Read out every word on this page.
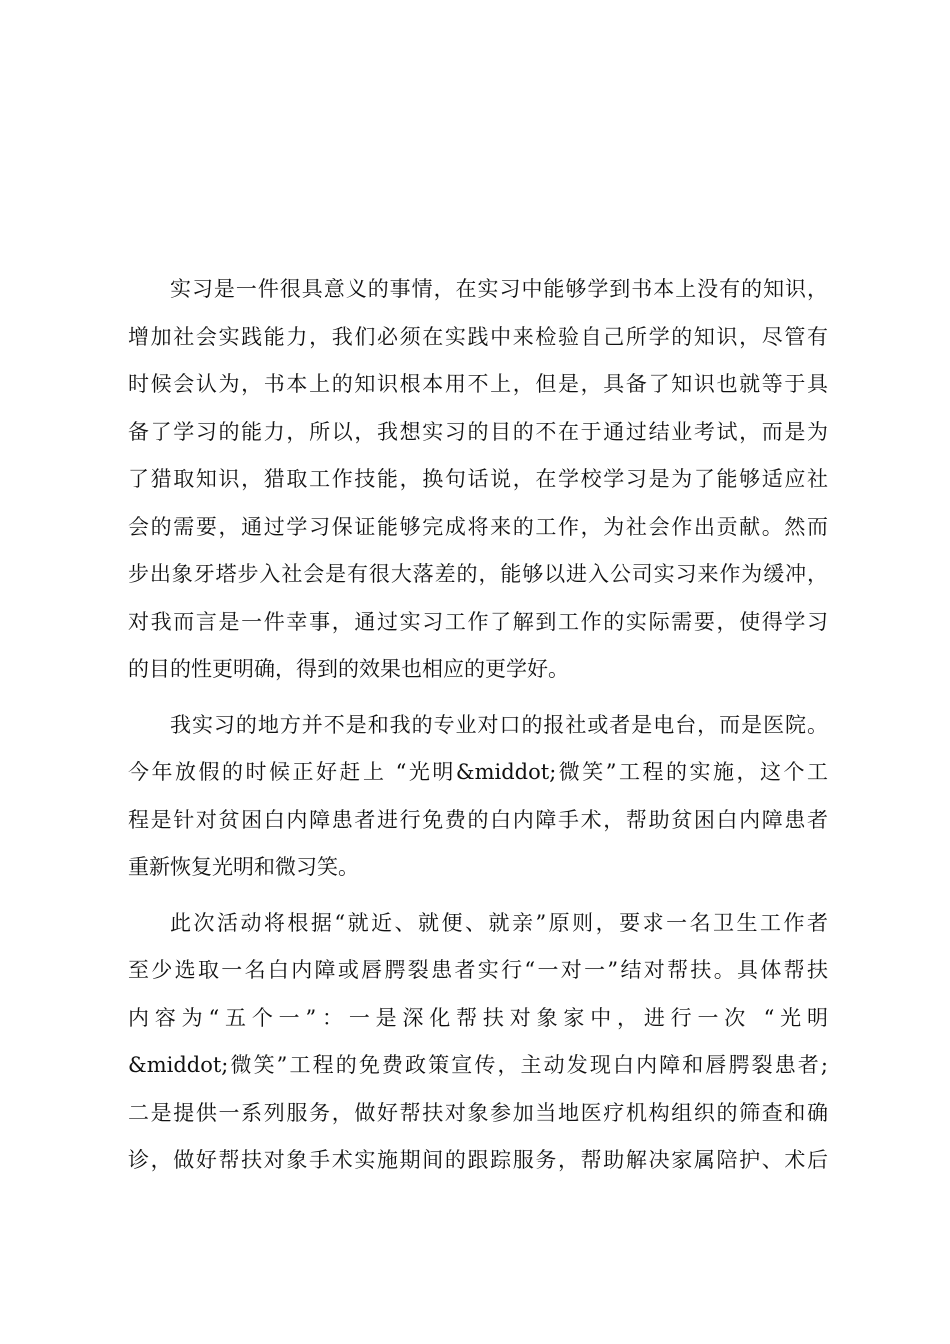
实习是一件很具意义的事情，在实习中能够学到书本上没有的知识，
增加社会实践能力，我们必须在实践中来检验自己所学的知识，尽管有
时候会认为，书本上的知识根本用不上，但是，具备了知识也就等于具
备了学习的能力，所以，我想实习的目的不在于通过结业考试，而是为
了猎取知识，猎取工作技能，换句话说，在学校学习是为了能够适应社
会的需要，通过学习保证能够完成将来的工作，为社会作出贡献。然而
步出象牙塔步入社会是有很大落差的，能够以进入公司实习来作为缓冲，
对我而言是一件幸事，通过实习工作了解到工作的实际需要，使得学习
的目的性更明确，得到的效果也相应的更学好。
我实习的地方并不是和我的专业对口的报社或者是电台，而是医院。
今年放假的时候正好赶上 “光明&middot;微笑”工程的实施，这个工
程是针对贫困白内障患者进行免费的白内障手术，帮助贫困白内障患者
重新恢复光明和微习笑。
此次活动将根据“就近、就便、就亲”原则，要求一名卫生工作者
至少选取一名白内障或唇腭裂患者实行“一对一”结对帮扶。具体帮扶
内容为“五个一”：一是深化帮扶对象家中，进行一次 “光明
&middot;微笑”工程的免费政策宣传，主动发现白内障和唇腭裂患者;
二是提供一系列服务，做好帮扶对象参加当地医疗机构组织的筛查和确
诊，做好帮扶对象手术实施期间的跟踪服务，帮助解决家属陪护、术后
